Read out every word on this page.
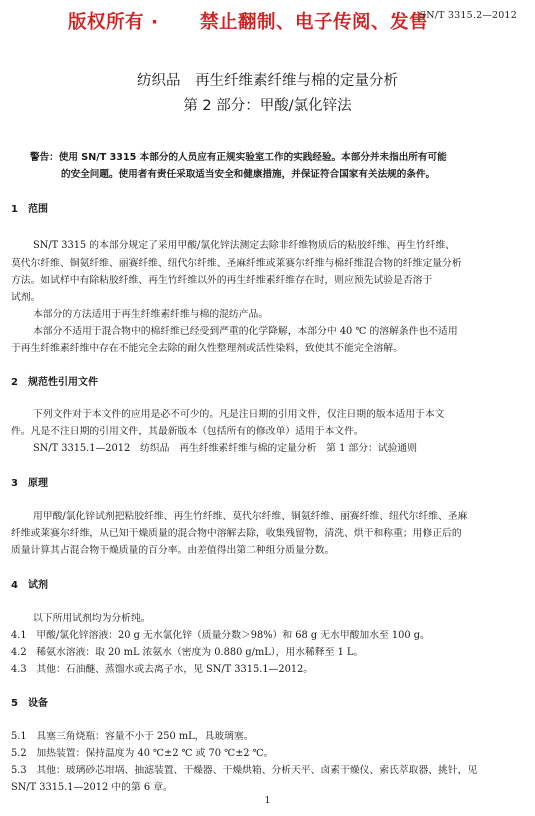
版权所有 · 禁止翻制、电子传阅、发售
SN/T 3315.2—2012
纺织品　再生纤维素纤维与棉的定量分析
第 2 部分：甲酸/氯化锌法
警告：使用 SN/T 3315 本部分的人员应有正规实验室工作的实践经验。本部分并未指出所有可能
的安全问题。使用者有责任采取适当安全和健康措施，并保证符合国家有关法规的条件。
1　范围
SN/T 3315 的本部分规定了采用甲酸/氯化锌法测定去除非纤维物质后的粘胶纤维、再生竹纤维、
莫代尔纤维、铜氨纤维、丽赛纤维、纽代尔纤维、圣麻纤维或莱赛尔纤维与棉纤维混合物的纤维定量分析
方法。如试样中有除粘胶纤维、再生竹纤维以外的再生纤维素纤维存在时，则应预先试验是否溶于
试剂。
本部分的方法适用于再生纤维素纤维与棉的混纺产品。
本部分不适用于混合物中的棉纤维已经受到严重的化学降解，本部分中 40 ℃ 的溶解条件也不适用
于再生纤维素纤维中存在不能完全去除的耐久性整理剂或活性染料，致使其不能完全溶解。
2　规范性引用文件
下列文件对于本文件的应用是必不可少的。凡是注日期的引用文件，仅注日期的版本适用于本文
件。凡是不注日期的引用文件，其最新版本（包括所有的修改单）适用于本文件。
SN/T 3315.1—2012　纺织品　再生纤维素纤维与棉的定量分析　第 1 部分：试验通则
3　原理
用甲酸/氯化锌试剂把粘胶纤维、再生竹纤维、莫代尔纤维、铜氨纤维、丽赛纤维、纽代尔纤维、圣麻
纤维或莱赛尔纤维，从已知干燥质量的混合物中溶解去除，收集残留物，清洗、烘干和称重；用修正后的
质量计算其占混合物干燥质量的百分率。由差值得出第二种组分质量分数。
4　试剂
以下所用试剂均为分析纯。
4.1　甲酸/氯化锌溶液：20 g 无水氯化锌（质量分数＞98%）和 68 g 无水甲酸加水至 100 g。
4.2　稀氨水溶液：取 20 mL 浓氨水（密度为 0.880 g/mL），用水稀释至 1 L。
4.3　其他：石油醚、蒸馏水或去离子水，见 SN/T 3315.1—2012。
5　设备
5.1　具塞三角烧瓶：容量不小于 250 mL，具玻璃塞。
5.2　加热装置：保持温度为 40 ℃±2 ℃ 或 70 ℃±2 ℃。
5.3　其他：玻璃砂芯坩埚、抽滤装置、干燥器、干燥烘箱、分析天平、卤素干燥仪、索氏萃取器、挑针，见
SN/T 3315.1—2012 中的第 6 章。
1
